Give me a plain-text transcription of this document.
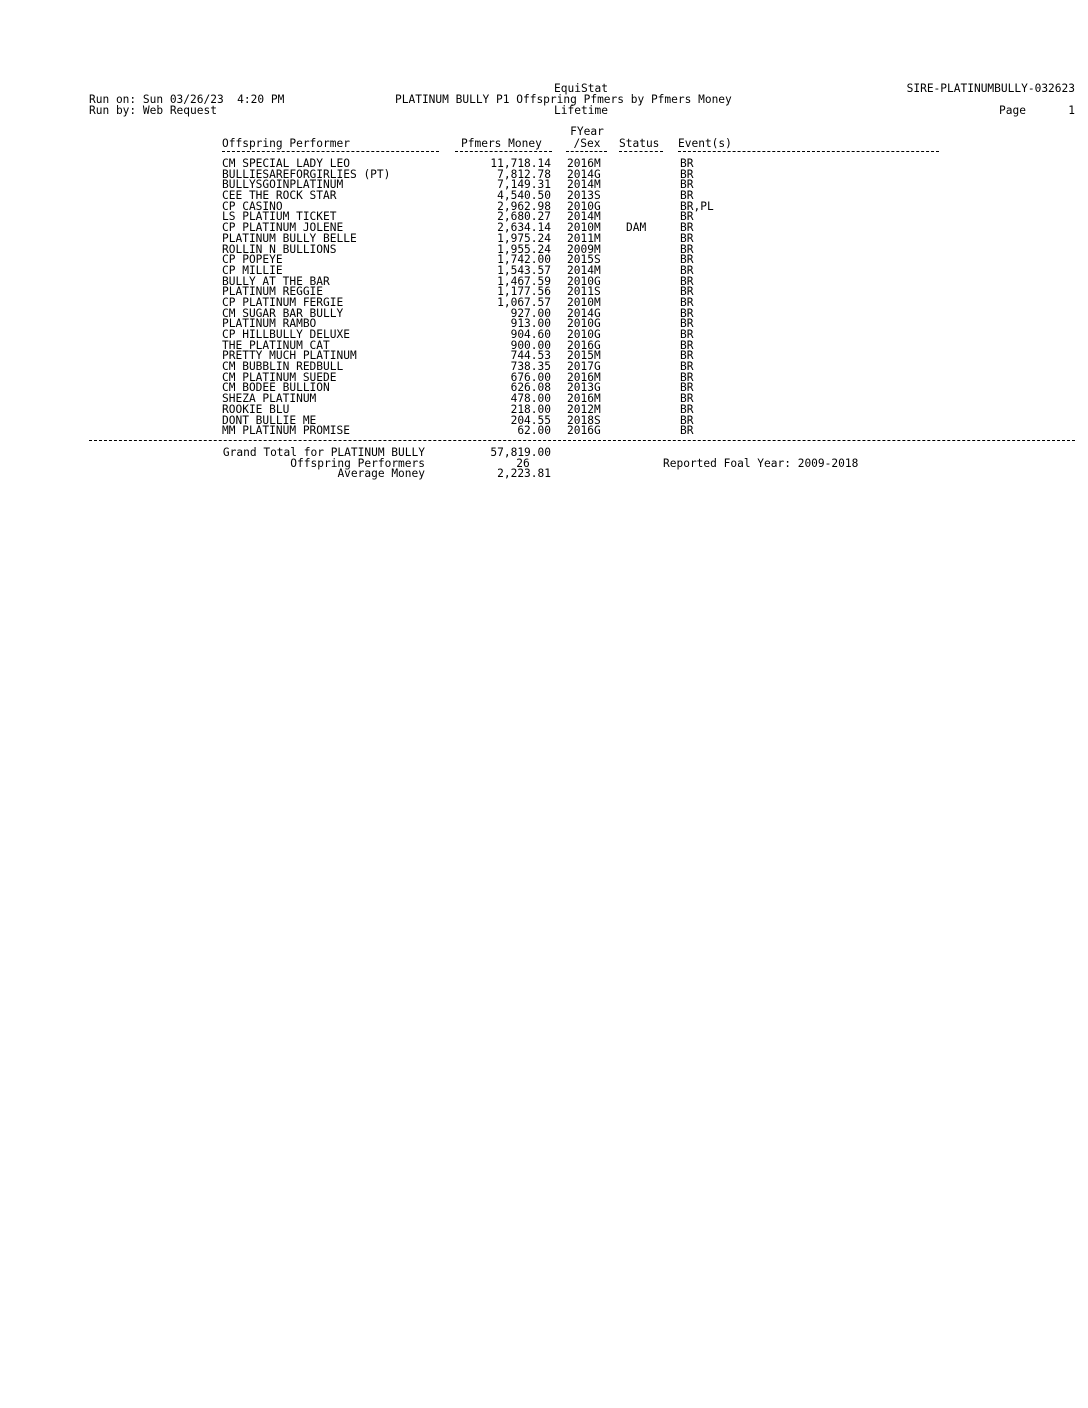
EquiStat	SIRE-PLATINUMBULLY-032623
Run on: Sun 03/26/23  4:20 PM	PLATINUM BULLY P1 Offspring Pfmers by Pfmers Money
Run by: Web Request	Lifetime	Page	1
FYear
Offspring Performer	Pfmers Money	/Sex	Status Event(s)
CM SPECIAL LADY LEO	11,718.14 2016M	BR
BULLIESAREFORGIRLIES (PT)	7,812.78 2014G	BR
BULLYSGOINPLATINUM	7,149.31 2014M	BR
CEE THE ROCK STAR	4,540.50 2013S	BR
CP CASINO	2,962.98 2010G	BR,PL
LS PLATIUM TICKET	2,680.27 2014M	BR
CP PLATINUM JOLENE	2,634.14 2010M DAM	BR
PLATINUM BULLY BELLE	1,975.24 2011M	BR
ROLLIN N BULLIONS	1,955.24 2009M	BR
CP POPEYE	1,742.00 2015S	BR
CP MILLIE	1,543.57 2014M	BR
BULLY AT THE BAR	1,467.59 2010G	BR
PLATINUM REGGIE	1,177.56 2011S	BR
CP PLATINUM FERGIE	1,067.57 2010M	BR
CM SUGAR BAR BULLY	927.00 2014G	BR
PLATINUM RAMBO	913.00 2010G	BR
CP HILLBULLY DELUXE	904.60 2010G	BR
THE PLATINUM CAT	900.00 2016G	BR
PRETTY MUCH PLATINUM	744.53 2015M	BR
CM BUBBLIN REDBULL	738.35 2017G	BR
CM PLATINUM SUEDE	676.00 2016M	BR
CM BODEE BULLION	626.08 2013G	BR
SHEZA PLATINUM	478.00 2016M	BR
ROOKIE BLU	218.00 2012M	BR
DONT BULLIE ME	204.55 2018S	BR
MM PLATINUM PROMISE	62.00 2016G	BR
Grand Total for PLATINUM BULLY	57,819.00
Offspring Performers	26	Reported Foal Year: 2009-2018
Average Money	2,223.81
